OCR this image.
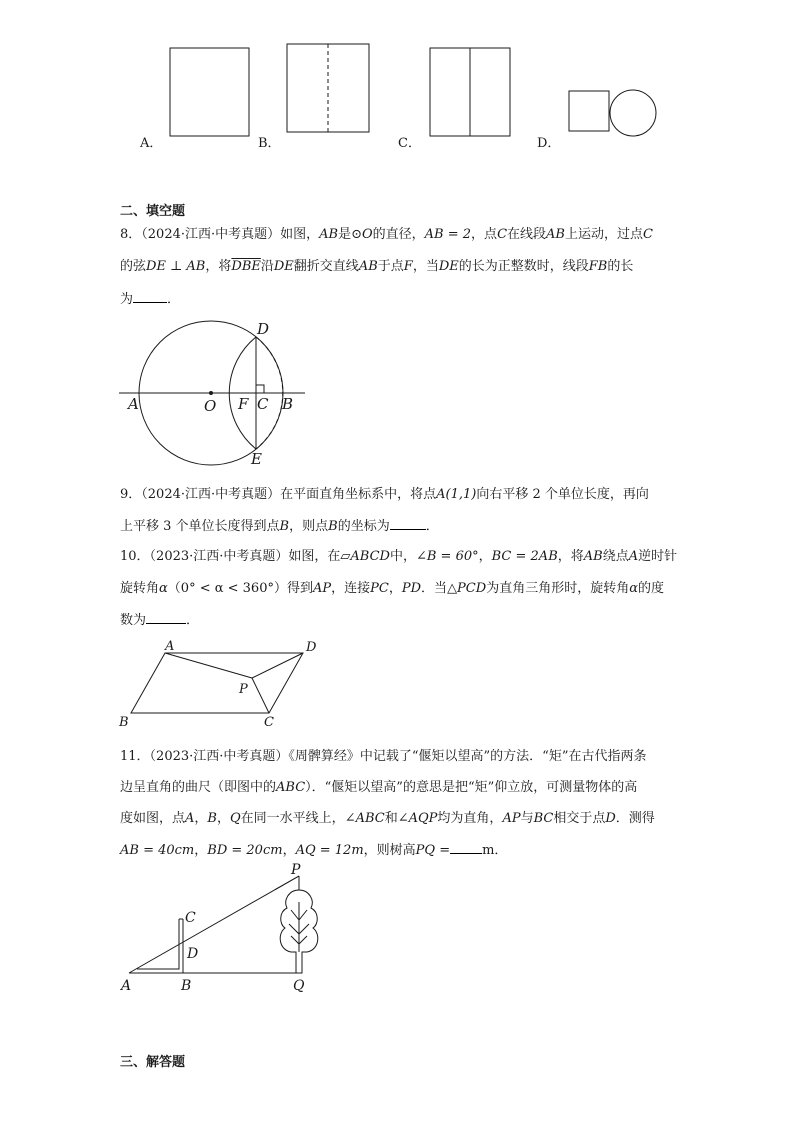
A．	B．	C．	D．
二、填空题
8．（2024·江西·中考真题）如图，AB是⊙O的直径，AB = 2，点C在线段AB上运动，过点C
的弦DE ⊥ AB，将$\overline{DBE}$沿DE翻折交直线AB于点F，当DE的长为正整数时，线段FB的长
为	．
A	O F C B
D
E
9．（2024·江西·中考真题）在平面直角坐标系中，将点A(1,1)向右平移 2 个单位长度，再向
上平移 3 个单位长度得到点B，则点B的坐标为	．
10．（2023·江西·中考真题）如图，在▱ABCD中，∠B = 60°，BC = 2AB，将AB绕点A逆时针
旋转角α（0° < α < 360°）得到AP，连接PC，PD．当△PCD为直角三角形时，旋转角α的度
数为	．
A	D
P
B	C
11．（2023·江西·中考真题）《周髀算经》中记载了“偃矩以望高”的方法．“矩”在古代指两条
边呈直角的曲尺（即图中的ABC）．“偃矩以望高”的意思是把“矩”仰立放，可测量物体的高
度如图，点A，B，Q在同一水平线上，∠ABC和∠AQP均为直角，AP与BC相交于点D．测得
AB = 40cm，BD = 20cm，AQ = 12m，则树高PQ = m．
P
C
D
A	B	Q
三、解答题
